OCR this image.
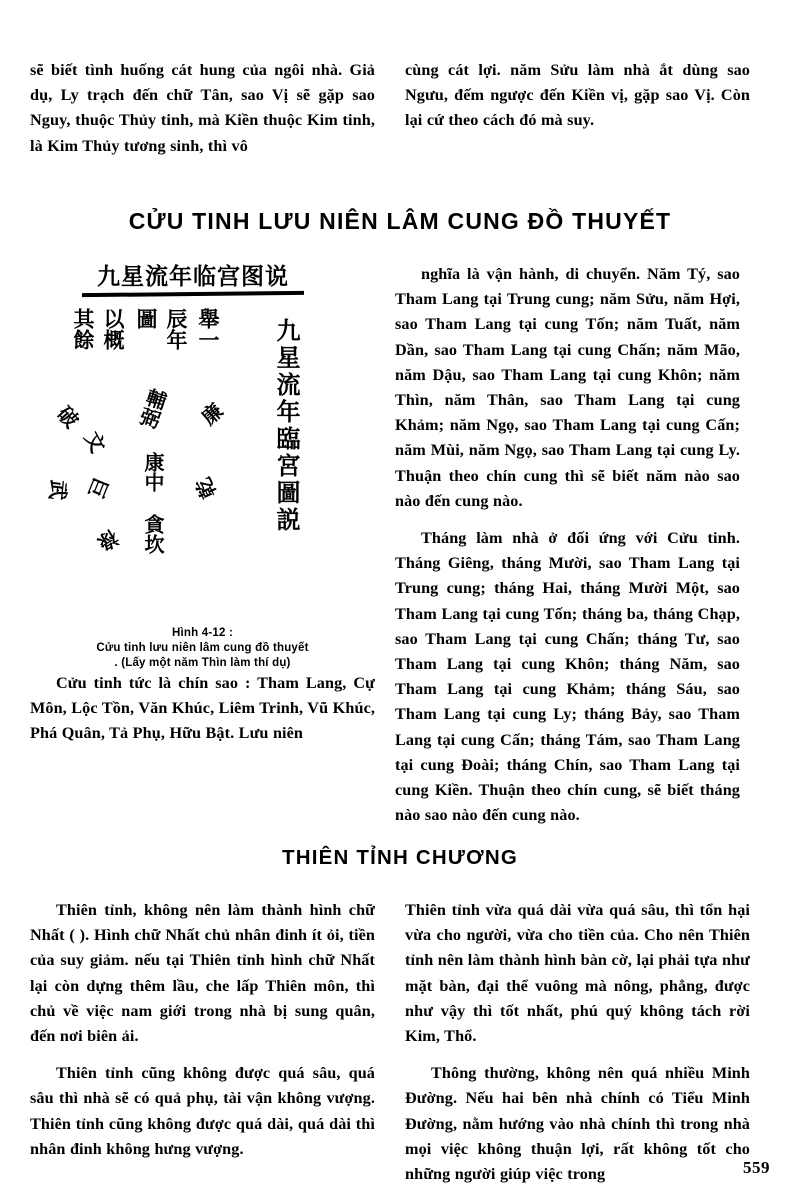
sẽ biết tình huống cát hung của ngôi nhà. Giả dụ, Ly trạch đến chữ Tân, sao Vị sẽ gặp sao Nguy, thuộc Thủy tinh, mà Kiền thuộc Kim tinh, là Kim Thủy tương sinh, thì vô

cùng cát lợi. năm Sửu làm nhà ắt dùng sao Ngưu, đếm ngược đến Kiền vị, gặp sao Vị. Còn lại cứ theo cách đó mà suy.

CỬU TINH LƯU NIÊN LÂM CUNG ĐỒ THUYẾT
九星流年临宫图说
其餘 以概 圖 辰年 舉一 九星流年臨宮圖説
輔弼
康中
貪坎
破
文
武 巨
祿
廉
乾
Hình 4-12 :
Cửu tinh lưu niên lâm cung đồ thuyết
. (Lấy một năm Thìn làm thí dụ)

Cửu tinh tức là chín sao : Tham Lang, Cự Môn, Lộc Tồn, Văn Khúc, Liêm Trinh, Vũ Khúc, Phá Quân, Tả Phụ, Hữu Bật. Lưu niên

nghĩa là vận hành, di chuyển. Năm Tý, sao Tham Lang tại Trung cung; năm Sửu, năm Hợi, sao Tham Lang tại cung Tốn; năm Tuất, năm Dần, sao Tham Lang tại cung Chấn; năm Mão, năm Dậu, sao Tham Lang tại cung Khôn; năm Thìn, năm Thân, sao Tham Lang tại cung Khảm; năm Ngọ, sao Tham Lang tại cung Cấn; năm Mùi, năm Ngọ, sao Tham Lang tại cung Ly. Thuận theo chín cung thì sẽ biết năm nào sao nào đến cung nào.

Tháng làm nhà ở đối ứng với Cửu tinh. Tháng Giêng, tháng Mười, sao Tham Lang tại Trung cung; tháng Hai, tháng Mười Một, sao Tham Lang tại cung Tốn; tháng ba, tháng Chạp, sao Tham Lang tại cung Chấn; tháng Tư, sao Tham Lang tại cung Khôn; tháng Năm, sao Tham Lang tại cung Khảm; tháng Sáu, sao Tham Lang tại cung Ly; tháng Bảy, sao Tham Lang tại cung Cấn; tháng Tám, sao Tham Lang tại cung Đoài; tháng Chín, sao Tham Lang tại cung Kiền. Thuận theo chín cung, sẽ biết tháng nào sao nào đến cung nào.

THIÊN TỈNH CHƯƠNG

Thiên tỉnh, không nên làm thành hình chữ Nhất ( ). Hình chữ Nhất chủ nhân đinh ít ỏi, tiền của suy giảm. nếu tại Thiên tỉnh hình chữ Nhất lại còn dựng thêm lầu, che lấp Thiên môn, thì chủ về việc nam giới trong nhà bị sung quân, đến nơi biên ải.

Thiên tỉnh cũng không được quá sâu, quá sâu thì nhà sẽ có quả phụ, tài vận không vượng. Thiên tỉnh cũng không được quá dài, quá dài thì nhân đinh không hưng vượng.

Thiên tỉnh vừa quá dài vừa quá sâu, thì tổn hại vừa cho người, vừa cho tiền của. Cho nên Thiên tỉnh nên làm thành hình bàn cờ, lại phải tựa như mặt bàn, đại thể vuông mà nông, phẳng, được như vậy thì tốt nhất, phú quý không tách rời Kim, Thổ.

Thông thường, không nên quá nhiều Minh Đường. Nếu hai bên nhà chính có Tiểu Minh Đường, nằm hướng vào nhà chính thì trong nhà mọi việc không thuận lợi, rất không tốt cho những người giúp việc trong	559
